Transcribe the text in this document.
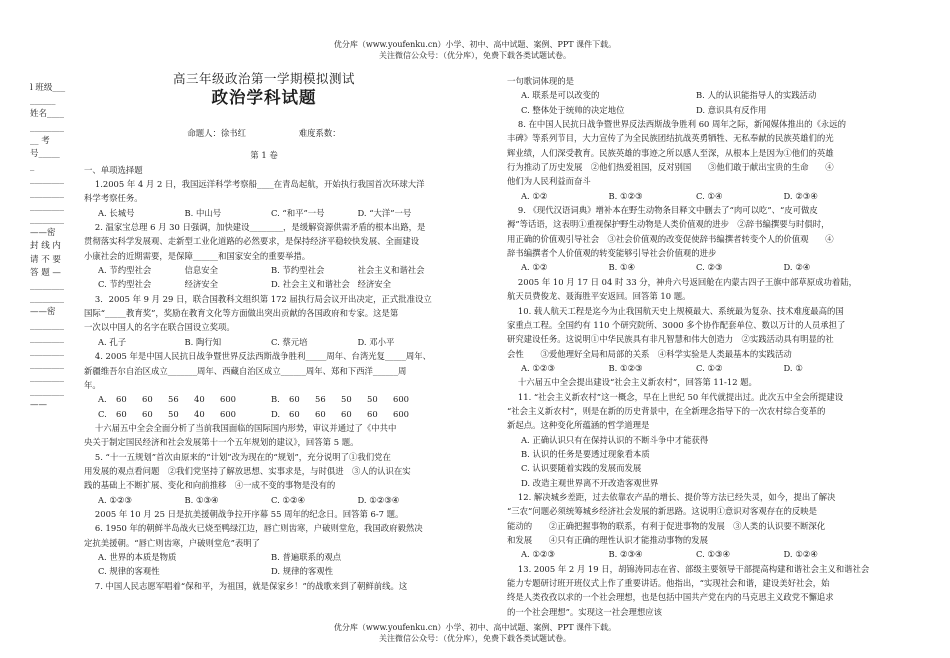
优分库（www.youfenku.cn）小学、初中、高中试题、案例、PPT 课件下载。
关注微信公众号：（优分库），免费下载各类试题试卷。
l 班级___
______
姓名____
________
__ 考
号_____
_
________
________
________
________
——密
封 线 内
请 不 要
答 题 —
________
________
——密
________
________
________
________
________
________
——
高三年级政治第一学期模拟测试
政治学科试题

命题人：徐书红	难度系数：

第 1 卷

一、单项选择题

1.2005 年 4 月 2 日，我国远洋科学考察船____在青岛起航，开始执行我国首次环球大洋

科学考察任务。

A. 长城号	B. 中山号	C. “和平”一号	D. “大洋”一号

2. 温家宝总理 6 月 30 日强调，加快建设________，是缓解资源供需矛盾的根本出路，是

贯彻落实科学发展观、走新型工业化道路的必然要求，是保持经济平稳较快发展、全面建设

小康社会的近期需要，是保障______和国家安全的重要举措。

A. 节约型社会	信息安全	B. 节约型社会	社会主义和谐社会

C. 节约型社会	经济安全	D. 社会主义和谐社会 经济安全

3．2005 年 9 月 29 日，联合国教科文组织第 172 届执行局会议开出决定，正式批准设立

国际“_____教育奖”，奖励在教育文化等方面做出突出贡献的各国政府和专家。这是第

一次以中国人的名字在联合国设立奖项。

A. 孔子	B. 陶行知	C. 蔡元培	D. 邓小平

4. 2005 年是中国人民抗日战争暨世界反法西斯战争胜利_____周年、台湾光复_____周年、

新疆维吾尔自治区成立_______周年、西藏自治区成立______周年、郑和下西洋______周

年。

A.	60	60	56	40	600	B.	60	56	50	50	600

C.	60	60	50	40	600	D.	60	60	60	60	600

十六届五中全会全面分析了当前我国面临的国际国内形势，审议并通过了《中共中

央关于制定国民经济和社会发展第十一个五年规划的建议》，回答第 5 题。

5. “十一五规划”首次由原来的“计划”改为现在的“规划”，充分说明了①我们党在

用发展的观点看问题　②我们党坚持了解放思想、实事求是，与时俱进　③人的认识在实

践的基础上不断扩展、变化和向前推移　④一成不变的事物是没有的

A. ①②③	B. ①③④	C. ①②④	D. ①②③④

2005 年 10 月 25 日是抗美援朝战争拉开序幕 55 周年的纪念日。回答第 6-7 题。

6. 1950 年的朝鲜半岛战火已烧至鸭绿江边，唇亡则齿寒，户破则堂危，我国政府毅然决

定抗美援朝。“唇亡则齿寒，户破则堂危”表明了

A. 世界的本质是物质	B. 普遍联系的观点

C. 规律的客观性	D. 规律的客观性

7. 中国人民志愿军唱着“保和平，为祖国，就是保家乡！”的战歌来到了朝鲜前线。这

一句歌词体现的是

A. 联系是可以改变的	B. 人的认识能指导人的实践活动

C. 整体处于统帅的决定地位	D. 意识具有反作用

8. 在中国人民抗日战争暨世界反法西斯战争胜利 60 周年之际，新闻媒体推出的《永远的

丰碑》等系列节目，大力宣传了为全民族团结抗战英勇牺牲、无私奉献的民族英雄们的光

辉业绩，人们深受教育。民族英雄的事迹之所以感人至深，从根本上是因为①他们的英雄

行为推动了历史发展　②他们热爱祖国，反对别国　　③他们敢于献出宝贵的生命　　④

他们为人民利益而奋斗

A. ①②	B. ①②③	C. ①④	D. ②③④

9. 《现代汉语词典》增补本在野生动物条目释文中删去了“肉可以吃”、“皮可做皮

褥”等话语，这表明①重视保护野生动物是人类价值观的进步　②辞书编撰要与时俱时，

用正确的价值观引导社会　③社会价值观的改变促使辞书编撰者转变个人的价值观　　④

辞书编撰者个人价值观的转变能够引导社会价值观的进步

A. ①②	B. ①④	C. ②③	D. ②④

2005 年 10 月 17 日 04 时 33 分，神舟六号返回舱在内蒙古四子王旗中部草原成功着陆，

航天员费俊龙、聂海胜平安返回。回答第 10 题。

10. 载人航天工程是迄今为止我国航天史上规模最大、系统最为复杂、技术难度最高的国

家重点工程。全国约有 110 个研究院所、3000 多个协作配套单位、数以万计的人员承担了

研究建设任务。这说明①中华民族具有非凡智慧和伟大创造力　②实践活动具有明显的社

会性　　③爱他理好全局和局部的关系　④科学实验是人类最基本的实践活动

A. ①②③	B. ①②③	C. ①②	D. ①

十六届五中全会提出建设“社会主义新农村”，回答第 11-12 题。

11. “社会主义新农村”这一概念，早在上世纪 50 年代就提出过。此次五中全会所提建设

“社会主义新农村”，则是在新的历史背景中，在全新理念指导下的一次农村综合变革的

新起点。这种变化所蕴涵的哲学道理是

A. 正确认识只有在保持认识的不断斗争中才能获得

B. 认识的任务是要透过现象看本质

C. 认识要随着实践的发展而发展

D. 改造主观世界离不开改造客观世界

12. 解决城乡差距，过去依靠农产品的增长、提价等方法已经失灵，如今，提出了解决

“三农”问题必须统筹城乡经济社会发展的新思路。这说明①意识对客观存在的反映是

能动的　　②正确把握事物的联系，有利于促进事物的发展　③人类的认识要不断深化

和发展　　④只有正确的理性认识才能推动事物的发展

A. ①②③	B. ②③④	C. ①③④	D. ①②④

13. 2005 年 2 月 19 日，胡锦涛同志在省、部级主要领导干部提高构建和谐社会主义和谐社会

能力专题研讨班开班仪式上作了重要讲话。他指出，“实现社会和谐，建设美好社会，始

终是人类孜孜以求的一个社会理想，也是包括中国共产党在内的马克思主义政党不懈追求

的一个社会理想”。实现这一社会理想应该

优分库（www.youfenku.cn）小学、初中、高中试题、案例、PPT 课件下载。
关注微信公众号：（优分库），免费下载各类试题试卷。
